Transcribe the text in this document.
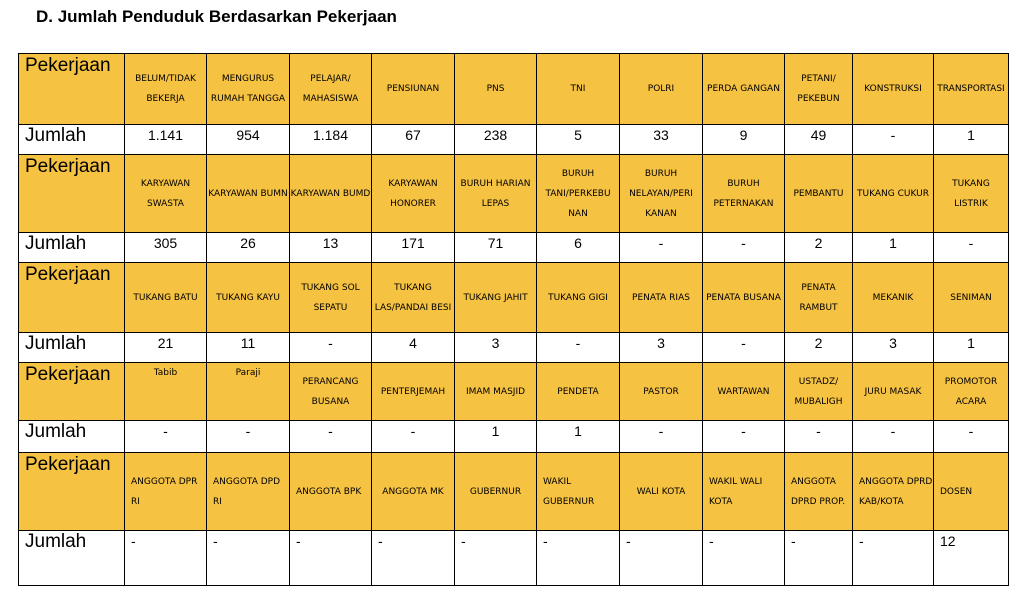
D. Jumlah Penduduk Berdasarkan Pekerjaan
Pekerjaan	BELUM/TIDAK BEKERJA	MENGURUS RUMAH TANGGA	PELAJAR/ MAHASISWA	PENSIUNAN	PNS	TNI	POLRI	PERDA GANGAN	PETANI/ PEKEBUN	KONSTRUKSI	TRANSPORTASI
Jumlah	1.141	954	1.184	67	238	5	33	9	49	-	1
Pekerjaan	KARYAWAN SWASTA	KARYAWAN BUMN	KARYAWAN BUMD	KARYAWAN HONORER	BURUH HARIAN LEPAS	BURUH TANI/PERKEBU NAN	BURUH NELAYAN/PERI KANAN	BURUH PETERNAKAN	PEMBANTU	TUKANG CUKUR	TUKANG LISTRIK
Jumlah	305	26	13	171	71	6	-	-	2	1	-
Pekerjaan	TUKANG BATU	TUKANG KAYU	TUKANG SOL SEPATU	TUKANG LAS/PANDAI BESI	TUKANG JAHIT	TUKANG GIGI	PENATA RIAS	PENATA BUSANA	PENATA RAMBUT	MEKANIK	SENIMAN
Jumlah	21	11	-	4	3	-	3	-	2	3	1
Pekerjaan	Tabib	Paraji	PERANCANG BUSANA	PENTERJEMAH	IMAM MASJID	PENDETA	PASTOR	WARTAWAN	USTADZ/ MUBALIGH	JURU MASAK	PROMOTOR ACARA
Jumlah	-	-	-	-	1	1	-	-	-	-	-
Pekerjaan	ANGGOTA DPR RI	ANGGOTA DPD RI	ANGGOTA BPK	ANGGOTA MK	GUBERNUR	WAKIL GUBERNUR	WALI KOTA	WAKIL WALI KOTA	ANGGOTA DPRD PROP.	ANGGOTA DPRD KAB/KOTA	DOSEN
Jumlah	-	-	-	-	-	-	-	-	-	-	12
